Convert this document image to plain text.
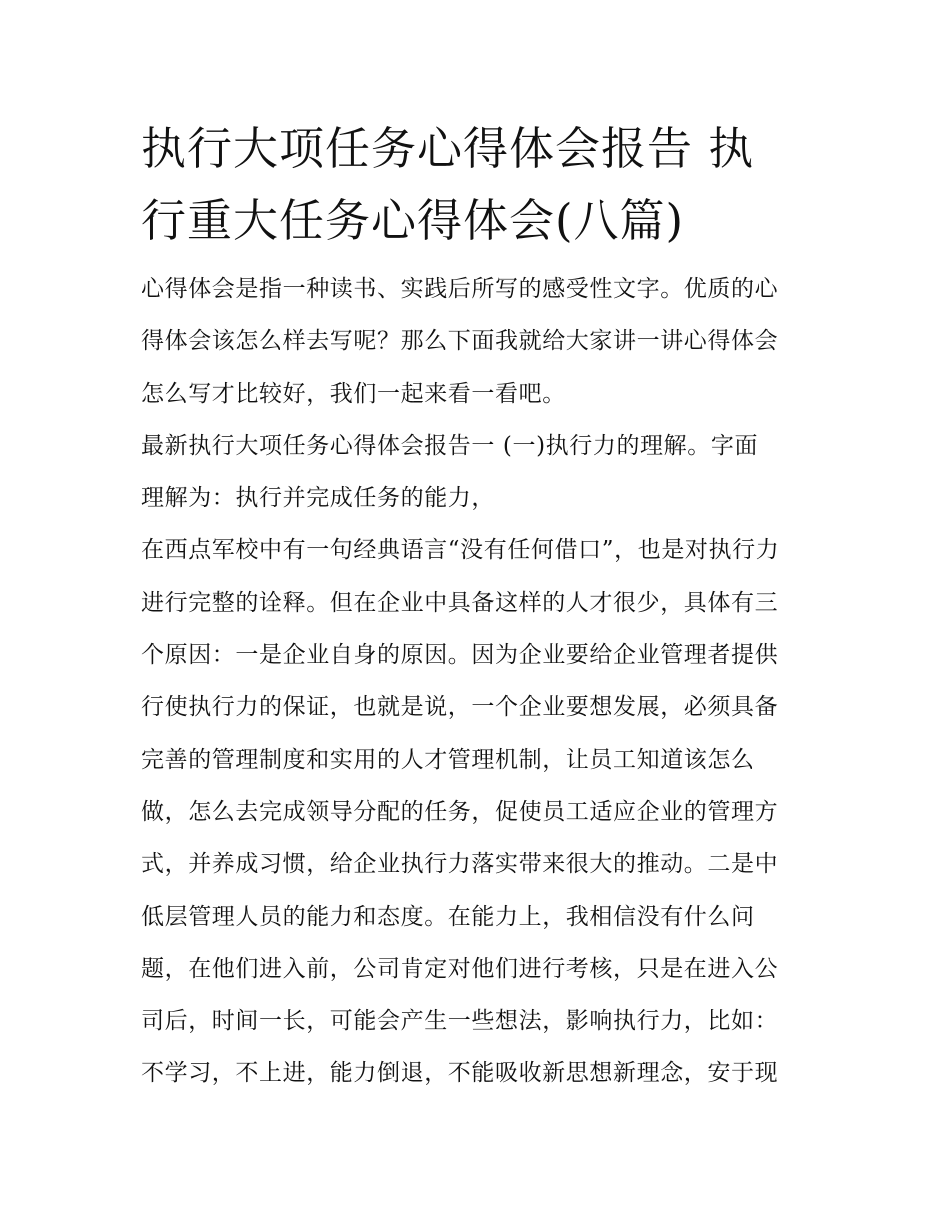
执行大项任务心得体会报告 执
行重大任务心得体会(八篇)
心得体会是指一种读书、实践后所写的感受性文字。优质的心
得体会该怎么样去写呢？那么下面我就给大家讲一讲心得体会
怎么写才比较好，我们一起来看一看吧。
最新执行大项任务心得体会报告一 (一)执行力的理解。字面
理解为：执行并完成任务的能力，
在西点军校中有一句经典语言“没有任何借口”，也是对执行力
进行完整的诠释。但在企业中具备这样的人才很少，具体有三
个原因：一是企业自身的原因。因为企业要给企业管理者提供
行使执行力的保证，也就是说，一个企业要想发展，必须具备
完善的管理制度和实用的人才管理机制，让员工知道该怎么
做，怎么去完成领导分配的任务，促使员工适应企业的管理方
式，并养成习惯，给企业执行力落实带来很大的推动。二是中
低层管理人员的能力和态度。在能力上，我相信没有什么问
题，在他们进入前，公司肯定对他们进行考核，只是在进入公
司后，时间一长，可能会产生一些想法，影响执行力，比如：
不学习，不上进，能力倒退，不能吸收新思想新理念，安于现
